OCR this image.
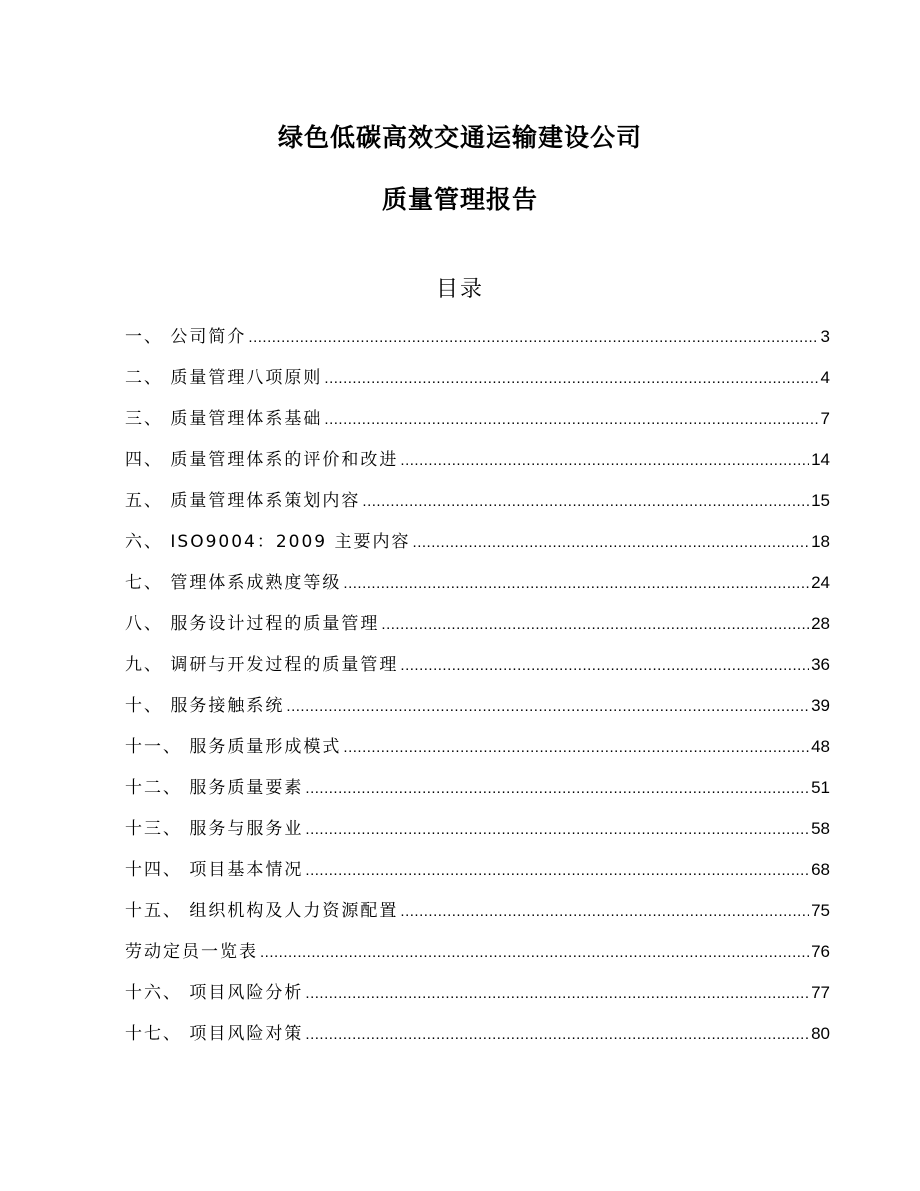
绿色低碳高效交通运输建设公司
质量管理报告
目录
一、 公司简介 .....	3
二、 质量管理八项原则 .....	4
三、 质量管理体系基础 .....	7
四、 质量管理体系的评价和改进 .....	14
五、 质量管理体系策划内容 .....	15
六、 ISO9004：2009 主要内容 .....	18
七、 管理体系成熟度等级 .....	24
八、 服务设计过程的质量管理 .....	28
九、 调研与开发过程的质量管理 .....	36
十、 服务接触系统 .....	39
十一、 服务质量形成模式 .....	48
十二、 服务质量要素 .....	51
十三、 服务与服务业 .....	58
十四、 项目基本情况 .....	68
十五、 组织机构及人力资源配置 .....	75
劳动定员一览表 .....	76
十六、 项目风险分析 .....	77
十七、 项目风险对策 .....	80
